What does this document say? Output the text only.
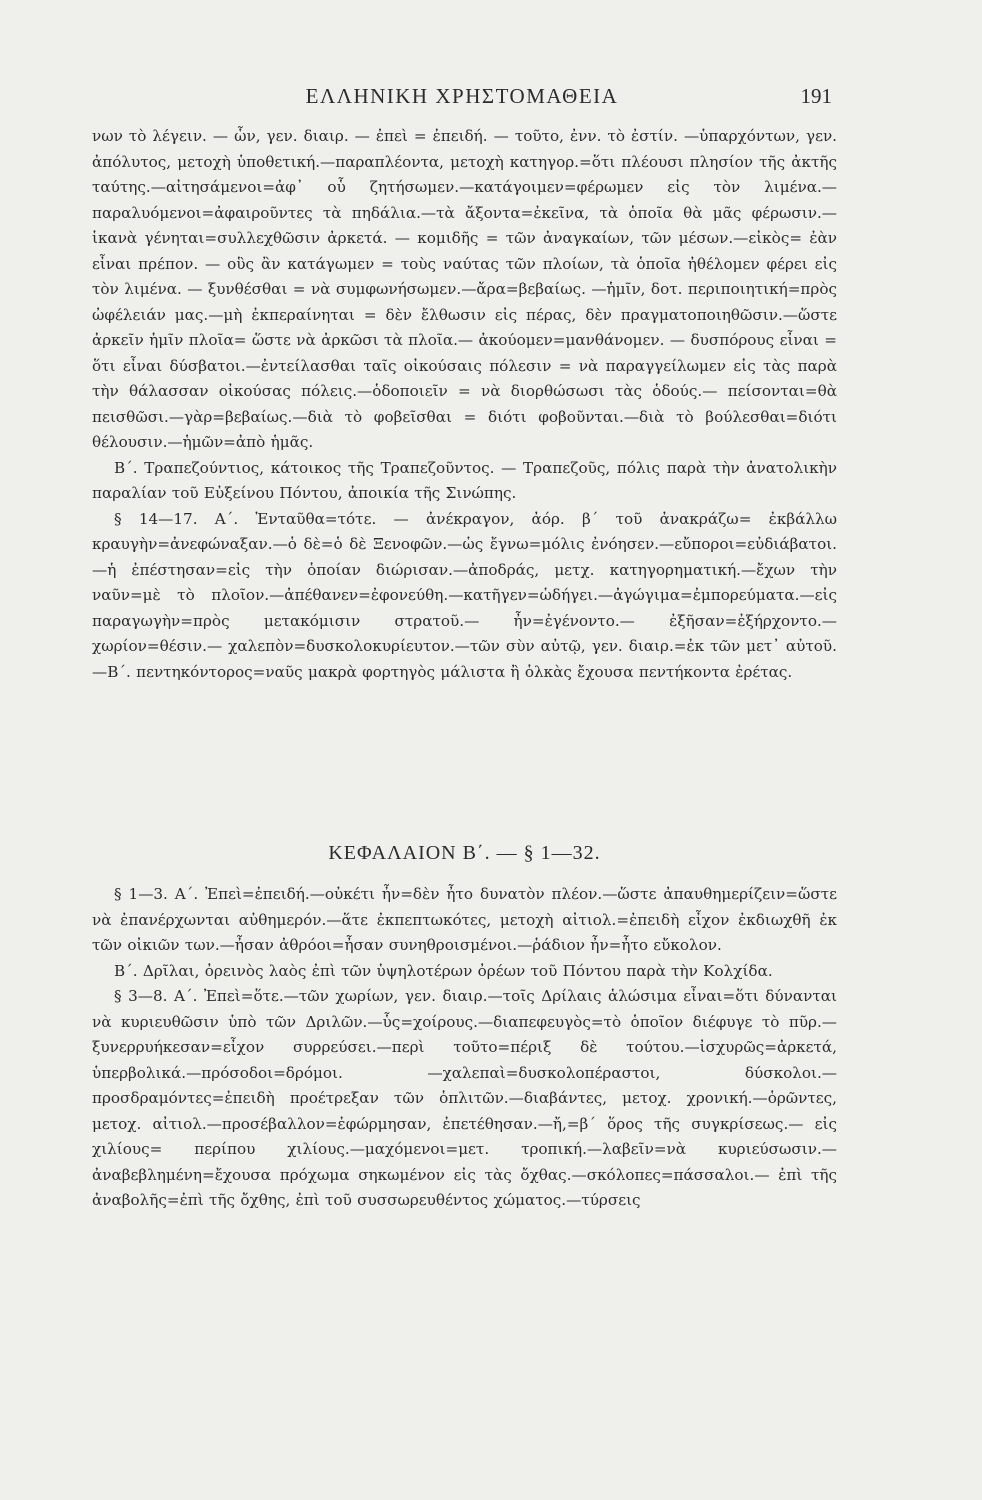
ΕΛΛΗΝΙΚΗ ΧΡΗΣΤΟΜΑΘΕΙΑ	191

νων τὸ λέγειν. — ὧν, γεν. διαιρ. — ἐπεὶ = ἐπειδή. — τοῦτο, ἐνν. τὸ ἐστίν. —ὑπαρχόντων, γεν. ἀπόλυτος, μετοχὴ ὑποθετική.—παραπλέοντα, μετοχὴ κατηγορ.=ὅτι πλέουσι πλησίον τῆς ἀκτῆς ταύτης.—αἰτησάμενοι=ἀφ᾽ οὗ ζητήσωμεν.—κατάγοιμεν=φέρωμεν εἰς τὸν λιμένα.—παραλυόμενοι=ἀφαιροῦντες τὰ πηδάλια.—τὰ ἄξοντα=ἐκεῖνα, τὰ ὁποῖα θὰ μᾶς φέρωσιν.—ἱκανὰ γένηται=συλλεχθῶσιν ἀρκετά. — κομιδῆς = τῶν ἀναγκαίων, τῶν μέσων.—εἰκὸς= ἐὰν εἶναι πρέπον. — οὓς ἂν κατάγωμεν = τοὺς ναύτας τῶν πλοίων, τὰ ὁποῖα ἠθέλομεν φέρει εἰς τὸν λιμένα. — ξυνθέσθαι = νὰ συμφωνήσωμεν.—ἄρα=βεβαίως. —ἡμῖν, δοτ. περιποιητική=πρὸς ὠφέλειάν μας.—μὴ ἐκπεραίνηται = δὲν ἔλθωσιν εἰς πέρας, δὲν πραγματοποιηθῶσιν.—ὥστε ἀρκεῖν ἡμῖν πλοῖα= ὥστε νὰ ἀρκῶσι τὰ πλοῖα.— ἀκούομεν=μανθάνομεν. — δυσπόρους εἶναι = ὅτι εἶναι δύσβατοι.—ἐντείλασθαι ταῖς οἰκούσαις πόλεσιν = νὰ παραγγείλωμεν εἰς τὰς παρὰ τὴν θάλασσαν οἰκούσας πόλεις.—ὁδοποιεῖν = νὰ διορθώσωσι τὰς ὁδούς.— πείσονται=θὰ πεισθῶσι.—γὰρ=βεβαίως.—διὰ τὸ φοβεῖσθαι = διότι φοβοῦνται.—διὰ τὸ βούλεσθαι=διότι θέλουσιν.—ἡμῶν=ἀπὸ ἡμᾶς.

Β΄. Τραπεζούντιος, κάτοικος τῆς Τραπεζοῦντος. — Τραπεζοῦς, πόλις παρὰ τὴν ἀνατολικὴν παραλίαν τοῦ Εὐξείνου Πόντου, ἀποικία τῆς Σινώπης.

§ 14—17. Α΄. Ἐνταῦθα=τότε. — ἀνέκραγον, ἀόρ. β΄ τοῦ ἀνακράζω= ἐκβάλλω κραυγὴν=ἀνεφώναξαν.—ὁ δὲ=ὁ δὲ Ξενοφῶν.—ὡς ἔγνω=μόλις ἐνόησεν.—εὔποροι=εὐδιάβατοι.—ἡ ἐπέστησαν=εἰς τὴν ὁποίαν διώρισαν.—ἀποδράς, μετχ. κατηγορηματική.—ἔχων τὴν ναῦν=μὲ τὸ πλοῖον.—ἀπέθανεν=ἐφονεύθη.—κατῆγεν=ὡδήγει.—ἀγώγιμα=ἐμπορεύματα.—εἰς παραγωγὴν=πρὸς μετακόμισιν στρατοῦ.— ἦν=ἐγένοντο.— ἐξῆσαν=ἐξήρχοντο.— χωρίον=θέσιν.— χαλεπὸν=δυσκολοκυρίευτον.—τῶν σὺν αὐτῷ, γεν. διαιρ.=ἐκ τῶν μετ᾽ αὐτοῦ. —Β΄. πεντηκόντορος=ναῦς μακρὰ φορτηγὸς μάλιστα ἢ ὁλκὰς ἔχουσα πεντήκοντα ἐρέτας.

ΚΕΦΑΛΑΙΟΝ Β΄. — § 1—32.

§ 1—3. Α΄. Ἐπεὶ=ἐπειδή.—οὐκέτι ἦν=δὲν ἦτο δυνατὸν πλέον.—ὥστε ἀπαυθημερίζειν=ὥστε νὰ ἐπανέρχωνται αὐθημερόν.—ἅτε ἐκπεπτωκότες, μετοχὴ αἰτιολ.=ἐπειδὴ εἶχον ἐκδιωχθῆ ἐκ τῶν οἰκιῶν των.—ἦσαν ἀθρόοι=ἦσαν συνηθροισμένοι.—ῥάδιον ἦν=ἦτο εὔκολον.

Β΄. Δρῖλαι, ὀρεινὸς λαὸς ἐπὶ τῶν ὑψηλοτέρων ὀρέων τοῦ Πόντου παρὰ τὴν Κολχίδα.

§ 3—8. Α΄. Ἐπεὶ=ὅτε.—τῶν χωρίων, γεν. διαιρ.—τοῖς Δρίλαις ἁλώσιμα εἶναι=ὅτι δύνανται νὰ κυριευθῶσιν ὑπὸ τῶν Δριλῶν.—ὗς=χοίρους.—διαπεφευγὸς=τὸ ὁποῖον διέφυγε τὸ πῦρ.—ξυνερρυήκεσαν=εἶχον συρρεύσει.—περὶ τοῦτο=πέριξ δὲ τούτου.—ἰσχυρῶς=ἀρκετά, ὑπερβολικά.—πρόσοδοι=δρόμοι. —χαλεπαὶ=δυσκολοπέραστοι, δύσκολοι.—προσδραμόντες=ἐπειδὴ προέτρεξαν τῶν ὁπλιτῶν.—διαβάντες, μετοχ. χρονική.—ὁρῶντες, μετοχ. αἰτιολ.—προσέβαλλον=ἐφώρμησαν, ἐπετέθησαν.—ἤ,=β΄ ὅρος τῆς συγκρίσεως.— εἰς χιλίους= περίπου χιλίους.—μαχόμενοι=μετ. τροπική.—λαβεῖν=νὰ κυριεύσωσιν.—ἀναβεβλημένη=ἔχουσα πρόχωμα σηκωμένον εἰς τὰς ὄχθας.—σκόλοπες=πάσσαλοι.— ἐπὶ τῆς ἀναβολῆς=ἐπὶ τῆς ὄχθης, ἐπὶ τοῦ συσσωρευθέντος χώματος.—τύρσεις
